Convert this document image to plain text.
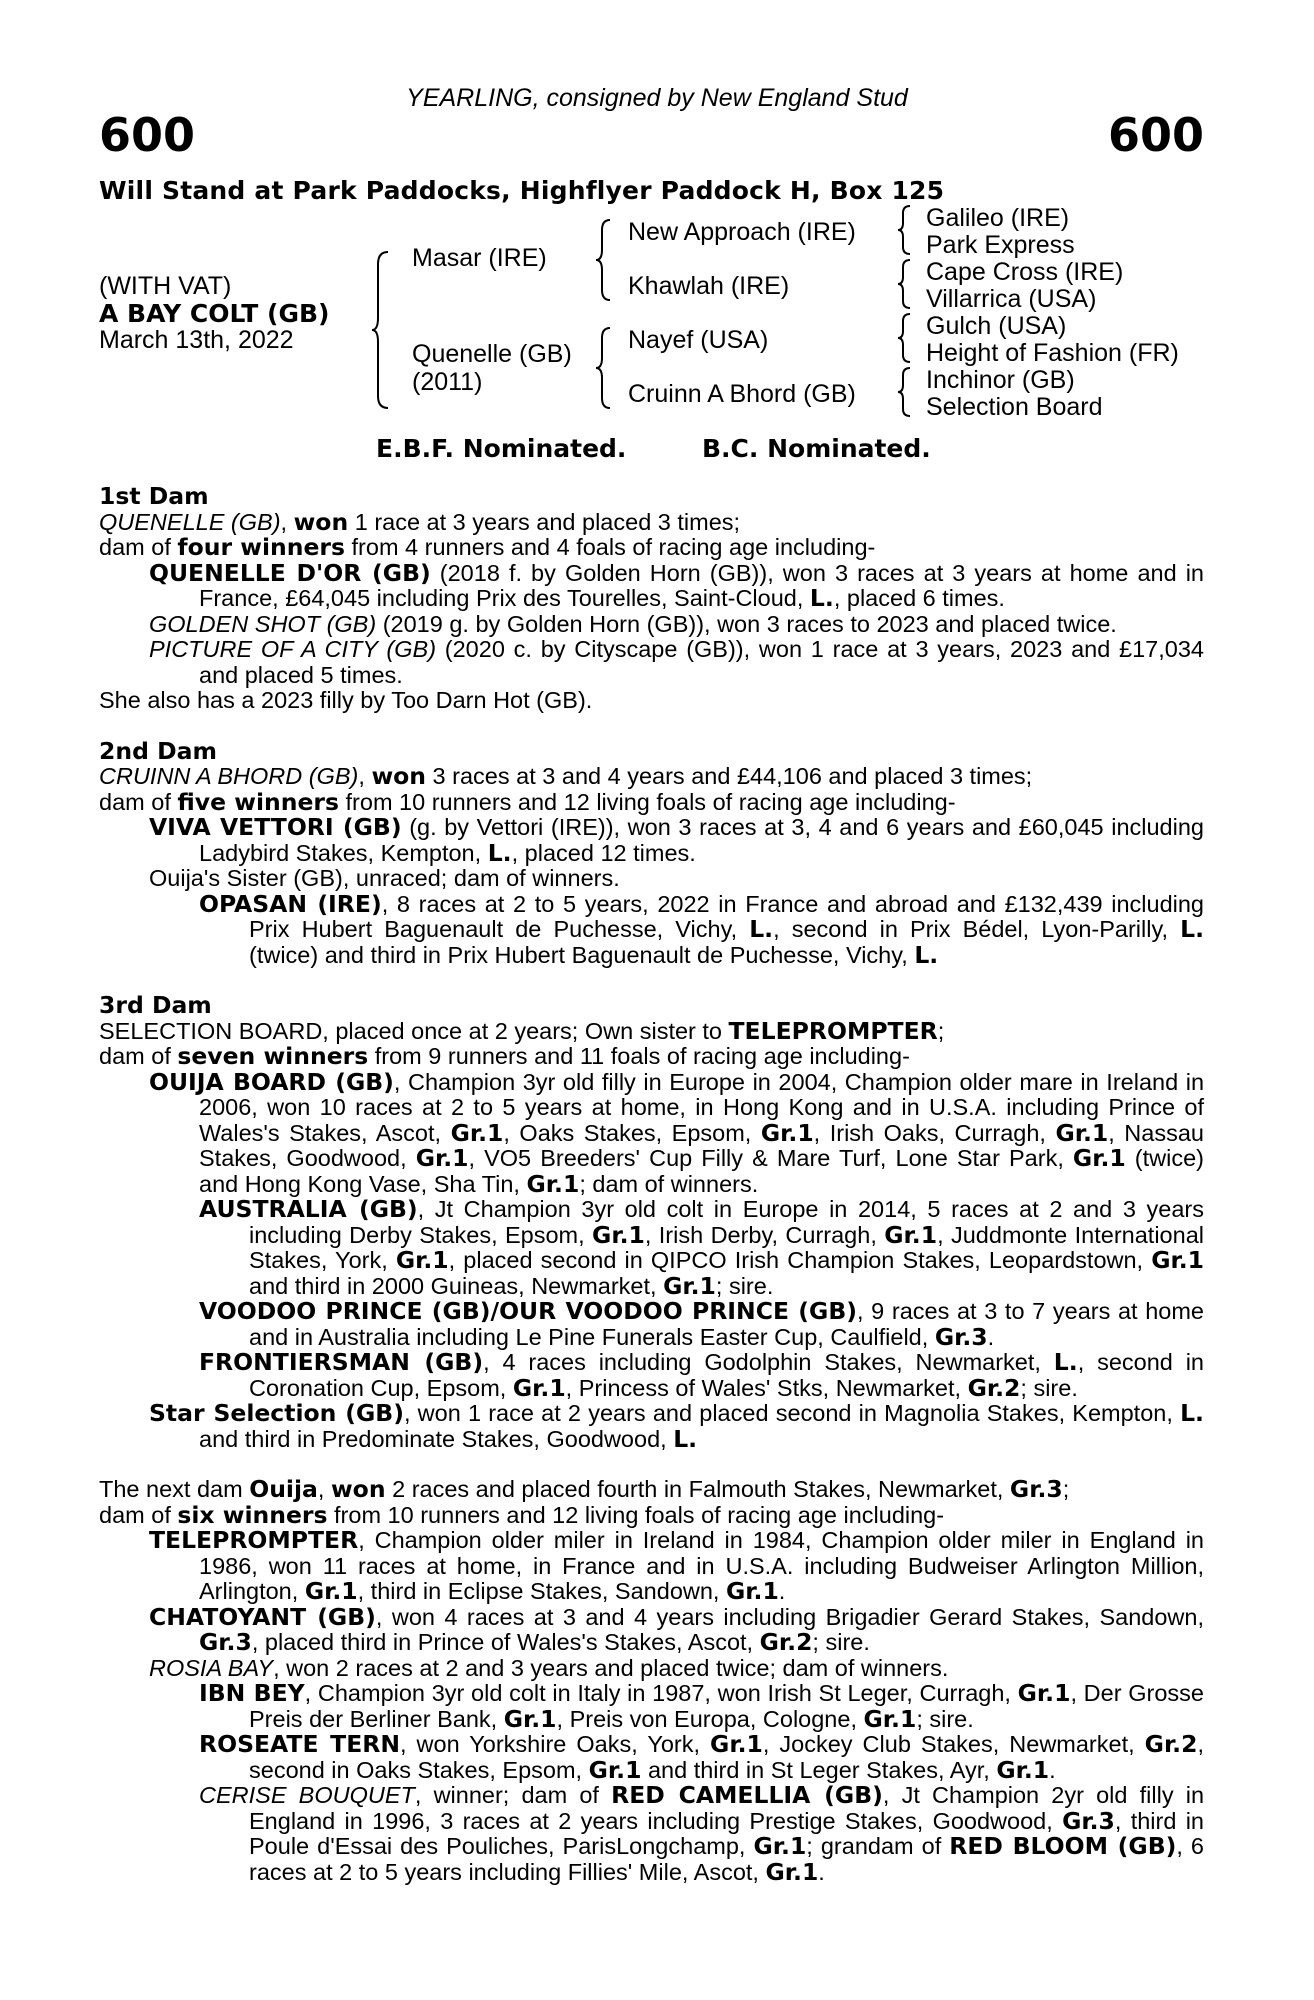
YEARLING, consigned by New England Stud
600	600
Will Stand at Park Paddocks, Highflyer Paddock H, Box 125
(WITH VAT)
A BAY COLT (GB)
March 13th, 2022
Masar (IRE)
Quenelle (GB)
(2011)
New Approach (IRE)
Khawlah (IRE)
Nayef (USA)
Cruinn A Bhord (GB)
Galileo (IRE)
Park Express
Cape Cross (IRE)
Villarrica (USA)
Gulch (USA)
Height of Fashion (FR)
Inchinor (GB)
Selection Board
E.B.F. Nominated.	B.C. Nominated.
1st Dam
QUENELLE (GB), won 1 race at 3 years and placed 3 times;
dam of four winners from 4 runners and 4 foals of racing age including-
QUENELLE D'OR (GB) (2018 f. by Golden Horn (GB)), won 3 races at 3 years at home and in France, £64,045 including Prix des Tourelles, Saint-Cloud, L., placed 6 times.
GOLDEN SHOT (GB) (2019 g. by Golden Horn (GB)), won 3 races to 2023 and placed twice.
PICTURE OF A CITY (GB) (2020 c. by Cityscape (GB)), won 1 race at 3 years, 2023 and £17,034 and placed 5 times.
She also has a 2023 filly by Too Darn Hot (GB).
2nd Dam
CRUINN A BHORD (GB), won 3 races at 3 and 4 years and £44,106 and placed 3 times;
dam of five winners from 10 runners and 12 living foals of racing age including-
VIVA VETTORI (GB) (g. by Vettori (IRE)), won 3 races at 3, 4 and 6 years and £60,045 including Ladybird Stakes, Kempton, L., placed 12 times.
Ouija's Sister (GB), unraced; dam of winners.
OPASAN (IRE), 8 races at 2 to 5 years, 2022 in France and abroad and £132,439 including Prix Hubert Baguenault de Puchesse, Vichy, L., second in Prix Bédel, Lyon-Parilly, L. (twice) and third in Prix Hubert Baguenault de Puchesse, Vichy, L.
3rd Dam
SELECTION BOARD, placed once at 2 years; Own sister to TELEPROMPTER;
dam of seven winners from 9 runners and 11 foals of racing age including-
OUIJA BOARD (GB), Champion 3yr old filly in Europe in 2004, Champion older mare in Ireland in 2006, won 10 races at 2 to 5 years at home, in Hong Kong and in U.S.A. including Prince of Wales's Stakes, Ascot, Gr.1, Oaks Stakes, Epsom, Gr.1, Irish Oaks, Curragh, Gr.1, Nassau Stakes, Goodwood, Gr.1, VO5 Breeders' Cup Filly & Mare Turf, Lone Star Park, Gr.1 (twice) and Hong Kong Vase, Sha Tin, Gr.1; dam of winners.
AUSTRALIA (GB), Jt Champion 3yr old colt in Europe in 2014, 5 races at 2 and 3 years including Derby Stakes, Epsom, Gr.1, Irish Derby, Curragh, Gr.1, Juddmonte International Stakes, York, Gr.1, placed second in QIPCO Irish Champion Stakes, Leopardstown, Gr.1 and third in 2000 Guineas, Newmarket, Gr.1; sire.
VOODOO PRINCE (GB)/OUR VOODOO PRINCE (GB), 9 races at 3 to 7 years at home and in Australia including Le Pine Funerals Easter Cup, Caulfield, Gr.3.
FRONTIERSMAN (GB), 4 races including Godolphin Stakes, Newmarket, L., second in Coronation Cup, Epsom, Gr.1, Princess of Wales' Stks, Newmarket, Gr.2; sire.
Star Selection (GB), won 1 race at 2 years and placed second in Magnolia Stakes, Kempton, L. and third in Predominate Stakes, Goodwood, L.
The next dam Ouija, won 2 races and placed fourth in Falmouth Stakes, Newmarket, Gr.3;
dam of six winners from 10 runners and 12 living foals of racing age including-
TELEPROMPTER, Champion older miler in Ireland in 1984, Champion older miler in England in 1986, won 11 races at home, in France and in U.S.A. including Budweiser Arlington Million, Arlington, Gr.1, third in Eclipse Stakes, Sandown, Gr.1.
CHATOYANT (GB), won 4 races at 3 and 4 years including Brigadier Gerard Stakes, Sandown, Gr.3, placed third in Prince of Wales's Stakes, Ascot, Gr.2; sire.
ROSIA BAY, won 2 races at 2 and 3 years and placed twice; dam of winners.
IBN BEY, Champion 3yr old colt in Italy in 1987, won Irish St Leger, Curragh, Gr.1, Der Grosse Preis der Berliner Bank, Gr.1, Preis von Europa, Cologne, Gr.1; sire.
ROSEATE TERN, won Yorkshire Oaks, York, Gr.1, Jockey Club Stakes, Newmarket, Gr.2, second in Oaks Stakes, Epsom, Gr.1 and third in St Leger Stakes, Ayr, Gr.1.
CERISE BOUQUET, winner; dam of RED CAMELLIA (GB), Jt Champion 2yr old filly in England in 1996, 3 races at 2 years including Prestige Stakes, Goodwood, Gr.3, third in Poule d'Essai des Pouliches, ParisLongchamp, Gr.1; grandam of RED BLOOM (GB), 6 races at 2 to 5 years including Fillies' Mile, Ascot, Gr.1.
